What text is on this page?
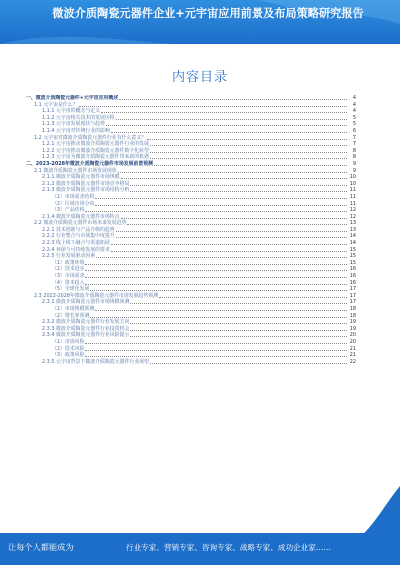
微波介质陶瓷元器件企业+元宇宙应用前景及布局策略研究报告
内容目录
一、微波介质陶瓷元器件+元宇宙应用概述	4
1.1 元宇宙是什么？	4
1.1.1 元宇宙的概念与定义	4
1.1.2 元宇宙相关技术的发展历程	5
1.1.3 元宇宙发展现状与趋势	5
1.1.4 元宇宙对传统行业的影响	6
1.2 元宇宙对微波介质陶瓷元器件行业有什么意义？	7
1.2.1 元宇宙推动微波介质陶瓷元器件行业的发展	7
1.2.2 元宇宙推动微波介质陶瓷元器件数字化转型	8
1.2.3 元宇宙为微波介质陶瓷元器件带来新的机遇	8
二、2023-2028年微波介质陶瓷元器件市场发展前景预测	9
2.1 微波介质陶瓷元器件市场发展现状	9
2.1.1 微波介质陶瓷元器件市场规模	10
2.1.2 微波介质陶瓷元器件市场竞争格局	10
2.1.3 微波介质陶瓷元器件市场结构分析	11
（1）市场需求结构	11
（2）区域市场分布	11
（3）产品结构	12
2.1.4 微波介质陶瓷元器件市场特点	12
2.2 微波介质陶瓷元器件市场未来发展趋势	13
2.2.1 技术创新与产品升级的趋势	13
2.2.2 行业整合与市场集中度提升	14
2.2.3 线上线下融合与渠道拓展	14
2.2.4 环保与可持续发展的要求	15
2.2.5 行业发展驱动因素	15
（1）政策环境	15
（2）技术进步	16
（3）市场需求	16
（4）资本投入	16
（5）全球化发展	17
2.3 2023-2028年微波介质陶瓷元器件市场发展趋势预测	17
2.3.1 微波介质陶瓷元器件市场规模预测	17
（1）市场规模预测	18
（2）增长率预测	18
2.3.2 微波介质陶瓷元器件行业发展方向	19
2.3.3 微波介质陶瓷元器件行业投资机会	19
2.3.4 微波介质陶瓷元器件行业风险提示	20
（1）市场风险	20
（2）技术风险	21
（3）政策风险	21
2.3.5 元宇宙背景下微波介质陶瓷元器件行业展望	22
让每个人都能成为	行业专家、营销专家、咨询专家、战略专家、成功企业家……
